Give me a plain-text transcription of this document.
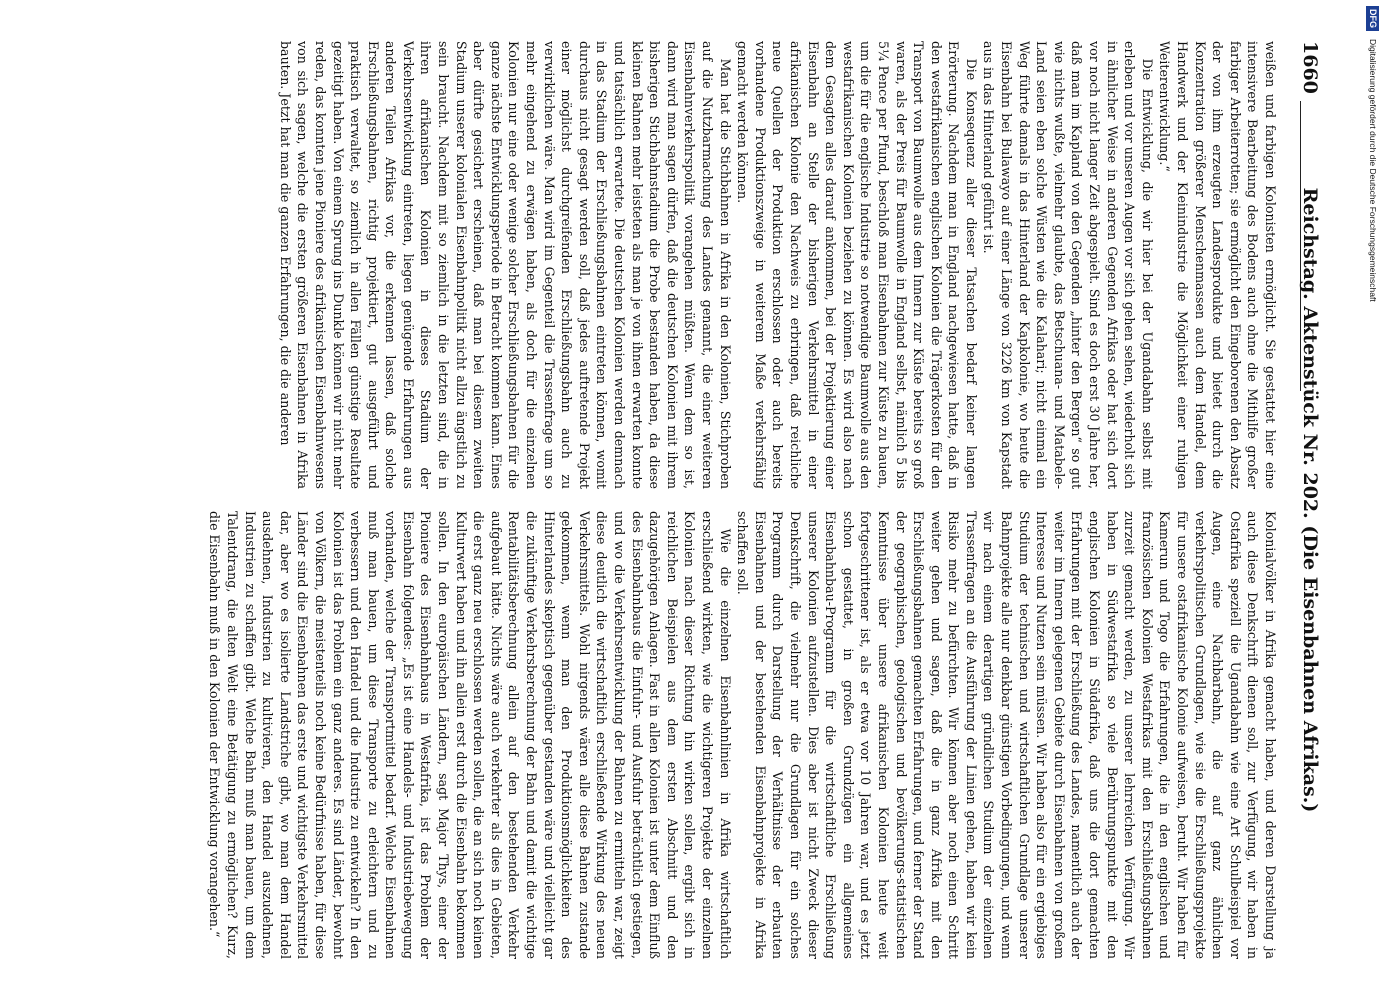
1660
Reichstag. Aktenstück Nr. 202. (Die Eisenbahnen Afrikas.)

weißen und farbigen Kolonisten ermöglicht. Sie gestattet hier eine intensivere Bearbeitung des Bodens auch ohne die Mithilfe großer farbiger Arbeiterrotten; sie ermöglicht den Eingeborenen den Absatz der von ihm erzeugten Landesprodukte und bietet durch die Konzentration größerer Menschenmassen auch dem Handel, dem Handwerk und der Kleinindustrie die Möglichkeit einer ruhigen Weiterentwicklung.“

Die Entwicklung, die wir hier bei der Ugandabahn selbst mit erleben und vor unseren Augen vor sich gehen sehen, wiederholt sich in ähnlicher Weise in anderen Gegenden Afrikas oder hat sich dort vor noch nicht langer Zeit abgespielt. Sind es doch erst 30 Jahre her, daß man im Kapland von den Gegenden „hinter den Bergen“ so gut wie nichts wußte, vielmehr glaubte, das Betschuana- und Matabele-Land seien eben solche Wüsten wie die Kalahari; nicht einmal ein Weg führte damals in das Hinterland der Kapkolonie, wo heute die Eisenbahn bei Bulawayo auf einer Länge von 3226 km von Kapstadt aus in das Hinterland geführt ist.

Die Konsequenz aller dieser Tatsachen bedarf keiner langen Erörterung. Nachdem man in England nachgewiesen hatte, daß in den westafrikanischen englischen Kolonien die Trägerkosten für den Transport von Baumwolle aus dem Innern zur Küste bereits so groß waren, als der Preis für Baumwolle in England selbst, nämlich 5 bis 5¼ Pence per Pfund, beschloß man Eisenbahnen zur Küste zu bauen, um die für die englische Industrie so notwendige Baumwolle aus den westafrikanischen Kolonien beziehen zu können. Es wird also nach dem Gesagten alles darauf ankommen, bei der Projektierung einer Eisenbahn an Stelle der bisherigen Verkehrsmittel in einer afrikanischen Kolonie den Nachweis zu erbringen, daß reichliche neue Quellen der Produktion erschlossen oder auch bereits vorhandene Produktionszweige in weiterem Maße verkehrsfähig gemacht werden können.

Man hat die Stichbahnen in Afrika in den Kolonien, Stichproben auf die Nutzbarmachung des Landes genannt, die einer weiteren Eisenbahnverkehrspolitik vorangehen müßten. Wenn dem so ist, dann wird man sagen dürfen, daß die deutschen Kolonien mit ihrem bisherigen Stichbahnstadium die Probe bestanden haben, da diese kleinen Bahnen mehr leisteten als man je von ihnen erwarten konnte und tatsächlich erwartete. Die deutschen Kolonien werden demnach in das Stadium der Erschließungsbahnen eintreten können, womit durchaus nicht gesagt werden soll, daß jedes auftretende Projekt einer möglichst durchgreifenden Erschließungsbahn auch zu verwirklichen wäre. Man wird im Gegenteil die Trassenfrage um so mehr eingehend zu erwägen haben, als doch für die einzelnen Kolonien nur eine oder wenige solcher Erschließungsbahnen für die ganze nächste Entwicklungsperiode in Betracht kommen kann. Eines aber dürfte gesichert erscheinen, daß man bei diesem zweiten Stadium unserer kolonialen Eisenbahnpolitik nicht allzu ängstlich zu sein braucht. Nachdem mit so ziemlich in die letzten sind, die in ihren afrikanischen Kolonien in dieses Stadium der Verkehrsentwicklung eintreten, liegen genügende Erfahrungen aus anderen Teilen Afrikas vor, die erkennen lassen, daß solche Erschließungsbahnen, richtig projektiert, gut ausgeführt und praktisch verwaltet, so ziemlich in allen Fällen günstige Resultate gezeitigt haben. Von einem Sprung ins Dunkle können wir nicht mehr reden, das konnten jene Pioniere des afrikanischen Eisenbahnwesens von sich sagen, welche die ersten größeren Eisenbahnen in Afrika bauten. Jetzt hat man die ganzen Erfahrungen, die die anderen

Kolonialvölker in Afrika gemacht haben, und deren Darstellung ja auch diese Denkschrift dienen soll, zur Verfügung, wir haben in Ostafrika speziell die Ugandabahn wie eine Art Schulbeispiel vor Augen, eine Nachbarbahn, die auf ganz ähnlichen verkehrspolitischen Grundlagen, wie sie die Erschließungsprojekte für unsere ostafrikanische Kolonie aufweisen, beruht. Wir haben für Kamerun und Togo die Erfahrungen, die in den englischen und französischen Kolonien Westafrikas mit den Erschließungsbahnen zurzeit gemacht werden, zu unserer lehrreichen Verfügung. Wir haben in Südwestafrika so viele Berührungspunkte mit den englischen Kolonien in Südafrika, daß uns die dort gemachten Erfahrungen mit der Erschließung des Landes, namentlich auch der weiter im Innern gelegenen Gebiete durch Eisenbahnen von großem Interesse und Nutzen sein müssen. Wir haben also für ein ergiebiges Studium der technischen und wirtschaftlichen Grundlage unserer Bahnprojekte alle nur denkbar günstigen Vorbedingungen, und wenn wir nach einem derartigen gründlichen Studium der einzelnen Trassenfragen an die Ausführung der Linien gehen, haben wir kein Risiko mehr zu befürchten. Wir können aber noch einen Schritt weiter gehen und sagen, daß die in ganz Afrika mit den Erschließungsbahnen gemachten Erfahrungen, und ferner der Stand der geographischen, geologischen und bevölkerungs-statistischen Kenntnisse über unsere afrikanischen Kolonien heute weit fortgeschrittener ist, als er etwa vor 10 Jahren war, und es jetzt schon gestattet, in großen Grundzügen ein allgemeines Eisenbahnbau-Programm für die wirtschaftliche Erschließung unserer Kolonien aufzustellen. Dies aber ist nicht Zweck dieser Denkschrift, die vielmehr nur die Grundlagen für ein solches Programm durch Darstellung der Verhältnisse der erbauten Eisenbahnen und der bestehenden Eisenbahnprojekte in Afrika schaffen soll.

Wie die einzelnen Eisenbahnlinien in Afrika wirtschaftlich erschließend wirkten, wie die wichtigeren Projekte der einzelnen Kolonien nach dieser Richtung hin wirken sollen, ergibt sich in reichlichen Beispielen aus dem ersten Abschnitt und den dazugehörigen Anlagen. Fast in allen Kolonien ist unter dem Einfluß des Eisenbahnbaus die Einfuhr- und Ausfuhr beträchtlich gestiegen, und wo die Verkehrsentwicklung der Bahnen zu ermitteln war, zeigt diese deutlich die wirtschaftlich erschließende Wirkung des neuen Verkehrsmittels. Wohl nirgends wären alle diese Bahnen zustande gekommen, wenn man den Produktionsmöglichkeiten des Hinterlandes skeptisch gegenüber gestanden wäre und vielleicht gar die zukünftige Verkehrsberechnung der Bahn und damit die wichtige Rentabilitätsberechnung allein auf den bestehenden Verkehr aufgebaut hätte. Nichts wäre auch verkehrter als dies in Gebieten, die erst ganz neu erschlossen werden sollen, die an sich noch keinen Kulturwert haben und ihn allein erst durch die Eisenbahn bekommen sollen. In den europäischen Ländern, sagt Major Thys, einer der Pioniere des Eisenbahnbaus in Westafrika, ist das Problem der Eisenbahn folgendes: „Es ist eine Handels- und Industriebewegung vorhanden, welche der Transportmittel bedarf. Welche Eisenbahnen muß man bauen, um diese Transporte zu erleichtern und zu verbessern und den Handel und die Industrie zu entwickeln? In den Kolonien ist das Problem ein ganz anderes. Es sind Länder, bewohnt von Völkern, die meistenteils noch keine Bedürfnisse haben, für diese Länder sind die Eisenbahnen das erste und wichtigste Verkehrsmittel dar, aber wo es isolierte Landstriche gibt, wo man dem Handel ausdehnen, Industrien zu kultivieren, den Handel auszudehnen, Industrien zu schaffen gibt. Welche Bahn muß man bauen, um dem Talentdrang, die alten Welt eine Betätigung zu ermöglichen? Kurz, die Eisenbahn muß in den Kolonien der Entwicklung vorangehen.“

DFGDigitalisierung gefördert durch die Deutsche Forschungsgemeinschaft
